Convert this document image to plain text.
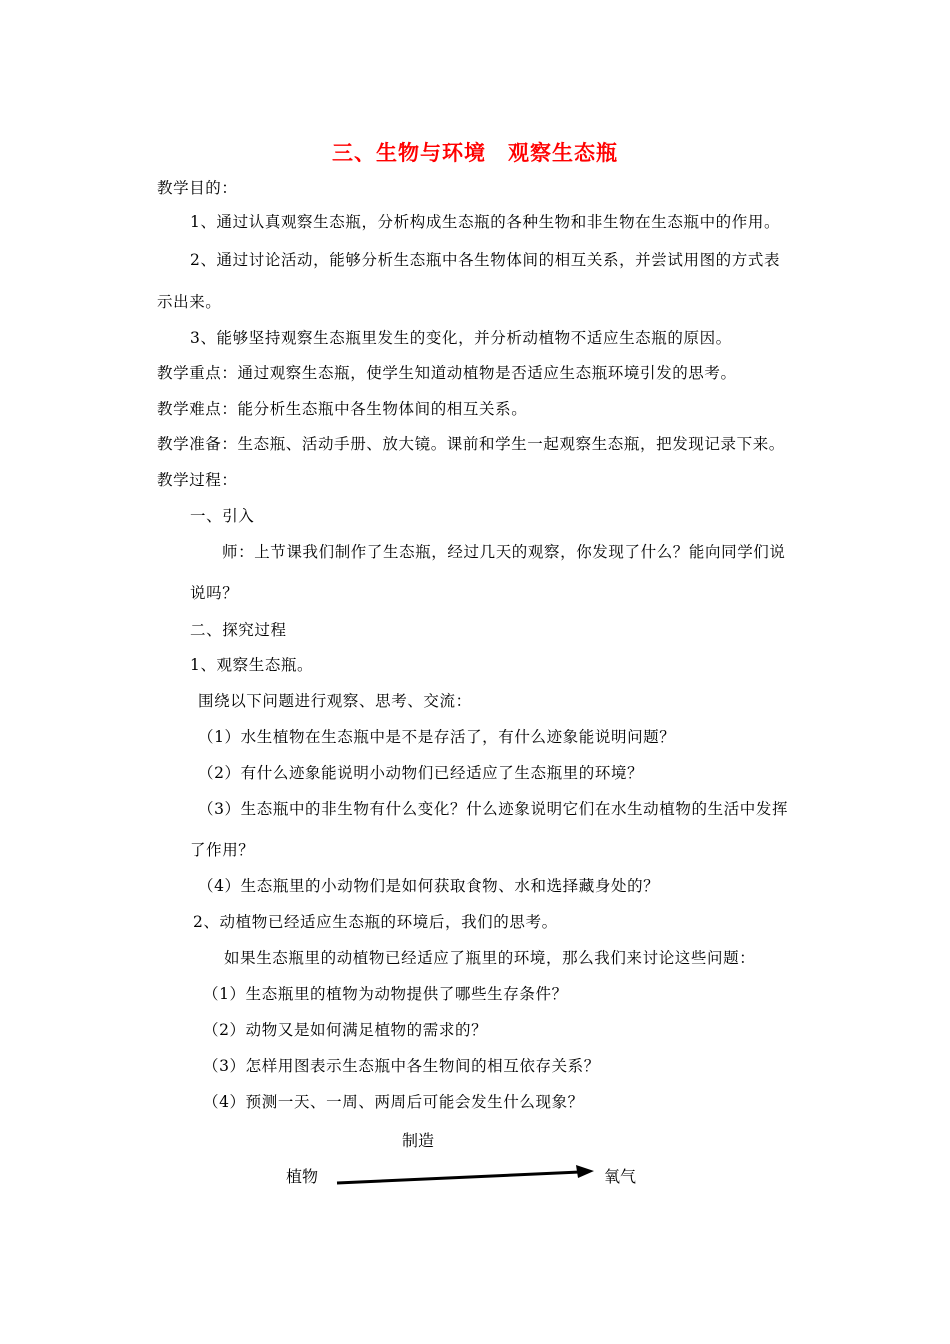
三、生物与环境　观察生态瓶
教学目的：
1、通过认真观察生态瓶，分析构成生态瓶的各种生物和非生物在生态瓶中的作用。
2、通过讨论活动，能够分析生态瓶中各生物体间的相互关系，并尝试用图的方式表
示出来。
3、能够坚持观察生态瓶里发生的变化，并分析动植物不适应生态瓶的原因。
教学重点：通过观察生态瓶，使学生知道动植物是否适应生态瓶环境引发的思考。
教学难点：能分析生态瓶中各生物体间的相互关系。
教学准备：生态瓶、活动手册、放大镜。课前和学生一起观察生态瓶，把发现记录下来。
教学过程：
一、引入
师：上节课我们制作了生态瓶，经过几天的观察，你发现了什么？能向同学们说
说吗？
二、探究过程
1、观察生态瓶。
围绕以下问题进行观察、思考、交流：
（1）水生植物在生态瓶中是不是存活了，有什么迹象能说明问题？
（2）有什么迹象能说明小动物们已经适应了生态瓶里的环境？
（3）生态瓶中的非生物有什么变化？什么迹象说明它们在水生动植物的生活中发挥
了作用？
（4）生态瓶里的小动物们是如何获取食物、水和选择藏身处的？
2、动植物已经适应生态瓶的环境后，我们的思考。
如果生态瓶里的动植物已经适应了瓶里的环境，那么我们来讨论这些问题：
（1）生态瓶里的植物为动物提供了哪些生存条件？
（2）动物又是如何满足植物的需求的？
（3）怎样用图表示生态瓶中各生物间的相互依存关系？
（4）预测一天、一周、两周后可能会发生什么现象？
制造
植物	氧气
